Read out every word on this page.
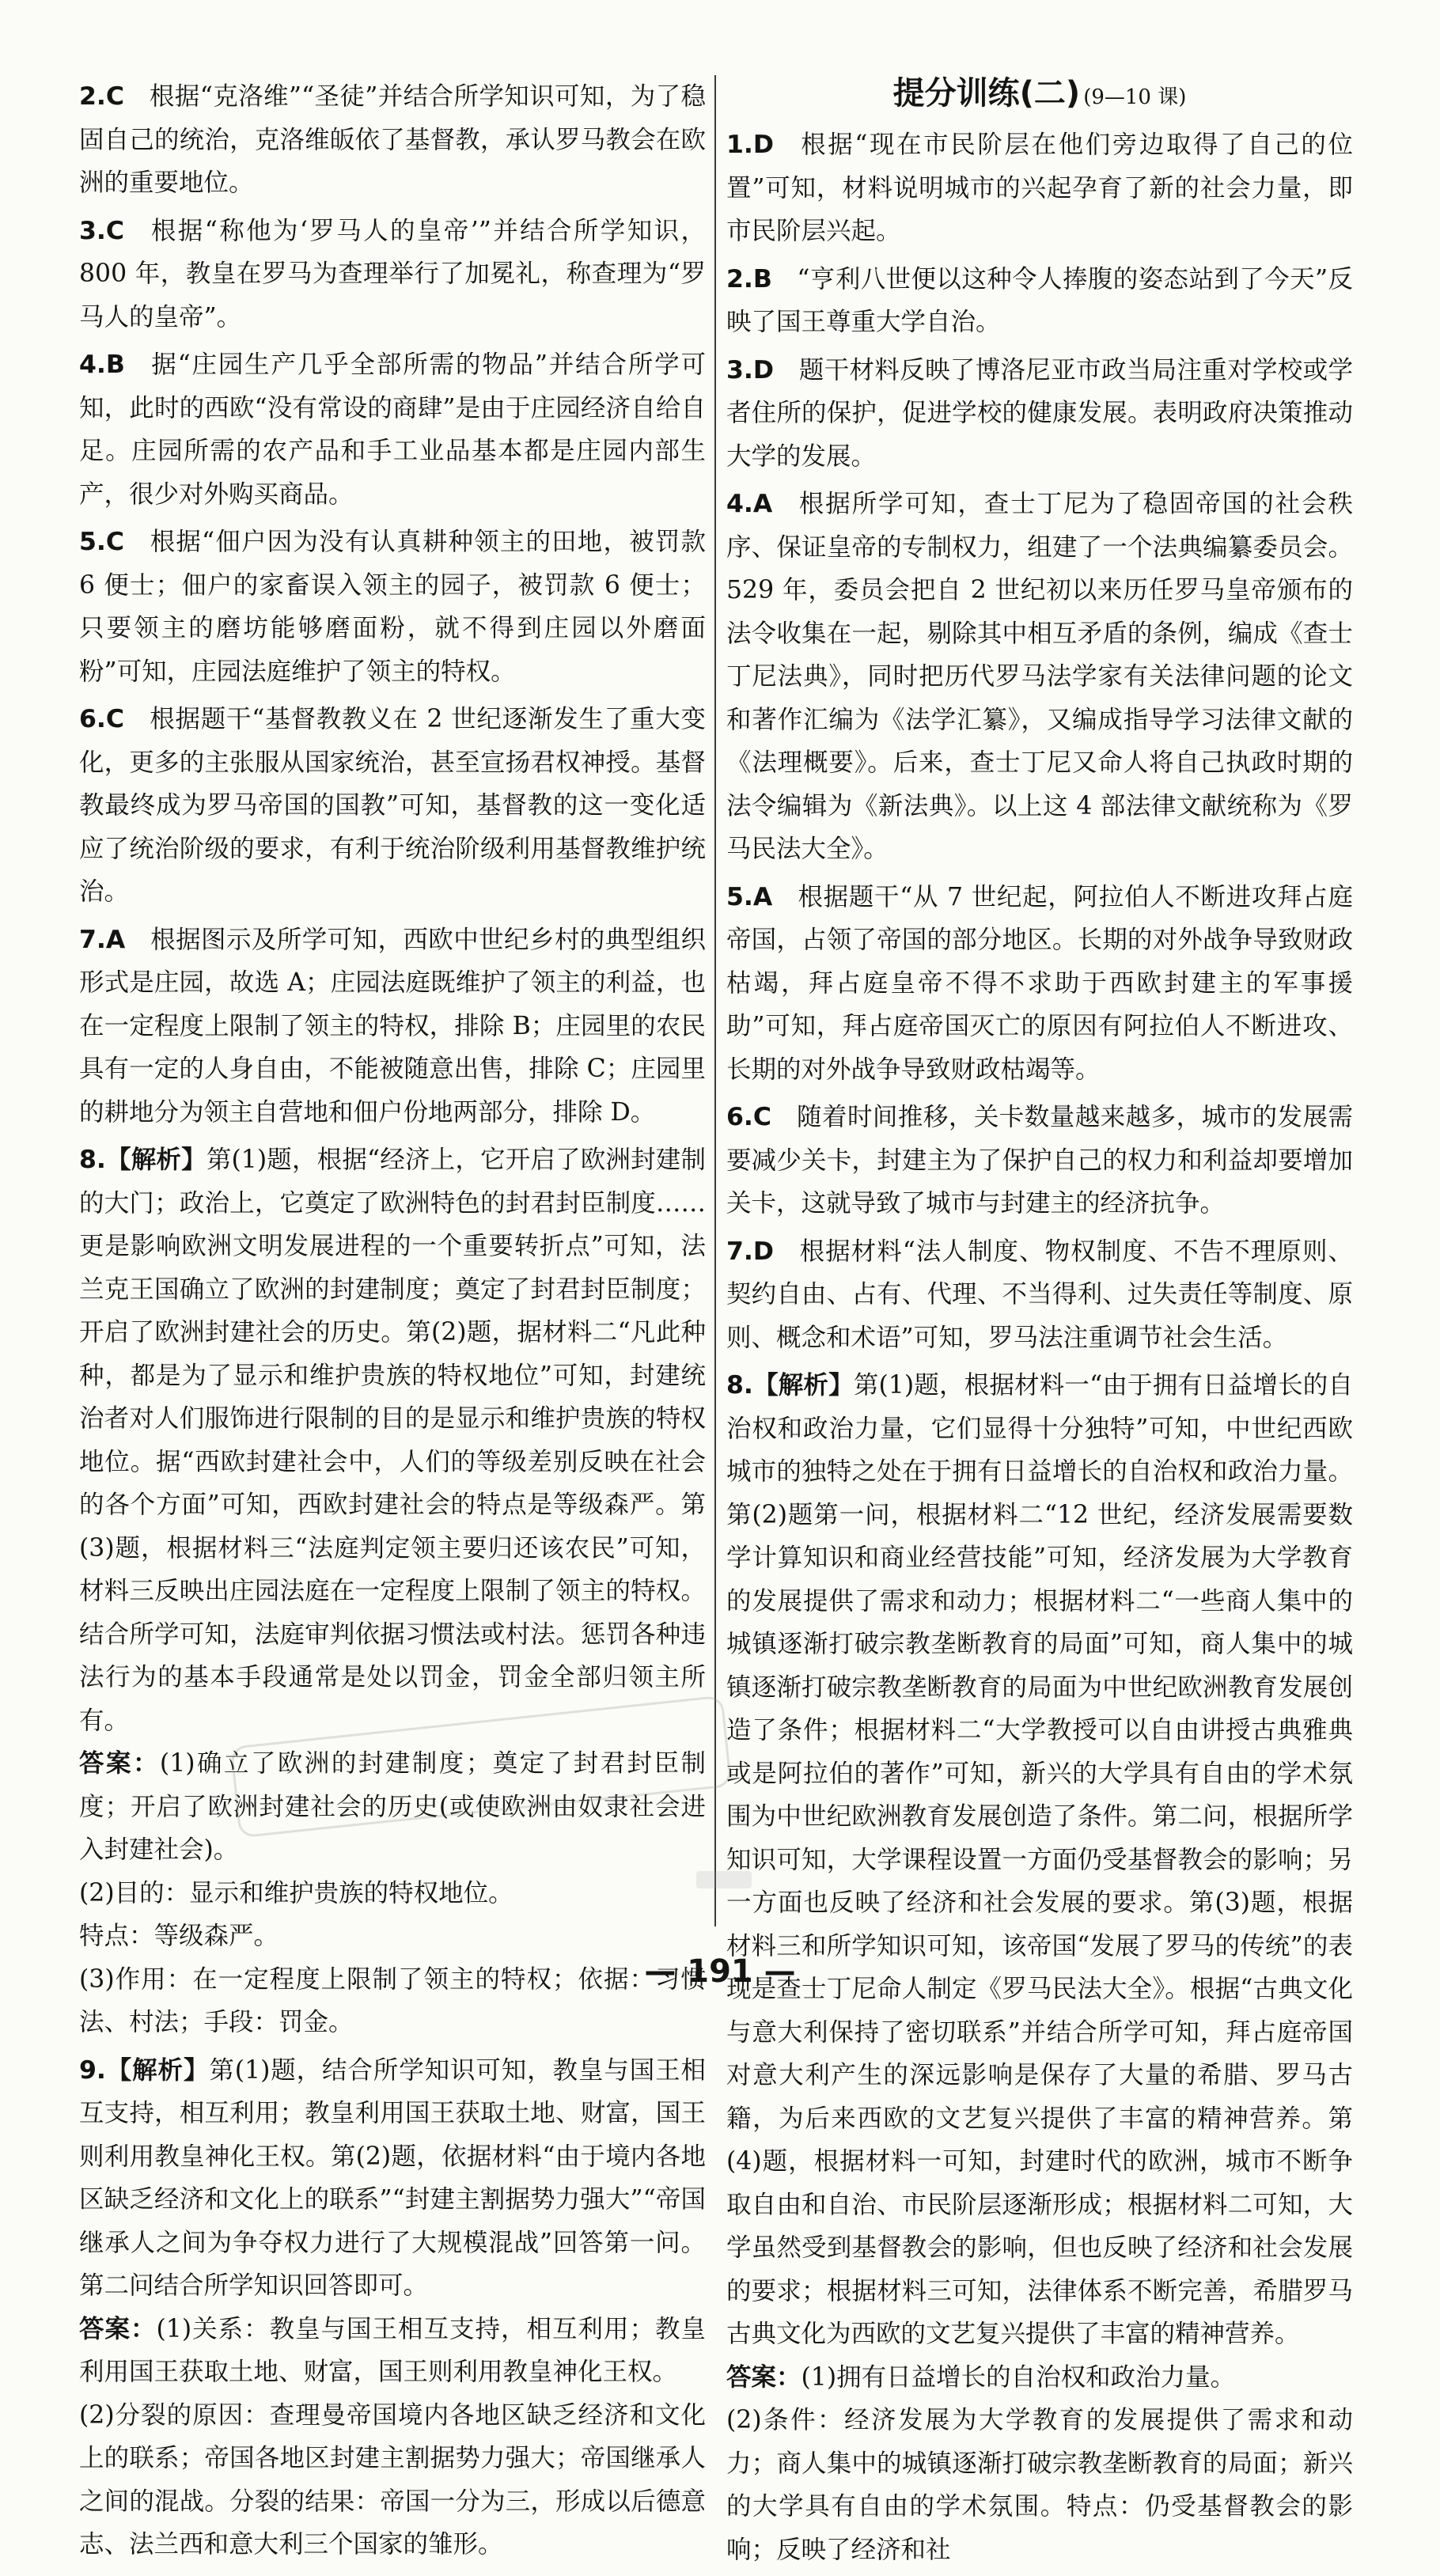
2.C  根据“克洛维”“圣徒”并结合所学知识可知，为了稳固自己的统治，克洛维皈依了基督教，承认罗马教会在欧洲的重要地位。

3.C  根据“称他为‘罗马人的皇帝’”并结合所学知识，800 年，教皇在罗马为查理举行了加冕礼，称查理为“罗马人的皇帝”。

4.B  据“庄园生产几乎全部所需的物品”并结合所学可知，此时的西欧“没有常设的商肆”是由于庄园经济自给自足。庄园所需的农产品和手工业品基本都是庄园内部生产，很少对外购买商品。

5.C  根据“佃户因为没有认真耕种领主的田地，被罚款 6 便士；佃户的家畜误入领主的园子，被罚款 6 便士；只要领主的磨坊能够磨面粉，就不得到庄园以外磨面粉”可知，庄园法庭维护了领主的特权。

6.C  根据题干“基督教教义在 2 世纪逐渐发生了重大变化，更多的主张服从国家统治，甚至宣扬君权神授。基督教最终成为罗马帝国的国教”可知，基督教的这一变化适应了统治阶级的要求，有利于统治阶级利用基督教维护统治。

7.A  根据图示及所学可知，西欧中世纪乡村的典型组织形式是庄园，故选 A；庄园法庭既维护了领主的利益，也在一定程度上限制了领主的特权，排除 B；庄园里的农民具有一定的人身自由，不能被随意出售，排除 C；庄园里的耕地分为领主自营地和佃户份地两部分，排除 D。

8.【解析】第(1)题，根据“经济上，它开启了欧洲封建制的大门；政治上，它奠定了欧洲特色的封君封臣制度……更是影响欧洲文明发展进程的一个重要转折点”可知，法兰克王国确立了欧洲的封建制度；奠定了封君封臣制度；开启了欧洲封建社会的历史。第(2)题，据材料二“凡此种种，都是为了显示和维护贵族的特权地位”可知，封建统治者对人们服饰进行限制的目的是显示和维护贵族的特权地位。据“西欧封建社会中，人们的等级差别反映在社会的各个方面”可知，西欧封建社会的特点是等级森严。第(3)题，根据材料三“法庭判定领主要归还该农民”可知，材料三反映出庄园法庭在一定程度上限制了领主的特权。结合所学可知，法庭审判依据习惯法或村法。惩罚各种违法行为的基本手段通常是处以罚金，罚金全部归领主所有。

答案：(1)确立了欧洲的封建制度；奠定了封君封臣制度；开启了欧洲封建社会的历史(或使欧洲由奴隶社会进入封建社会)。

(2)目的：显示和维护贵族的特权地位。

特点：等级森严。

(3)作用：在一定程度上限制了领主的特权；依据：习惯法、村法；手段：罚金。

9.【解析】第(1)题，结合所学知识可知，教皇与国王相互支持，相互利用；教皇利用国王获取土地、财富，国王则利用教皇神化王权。第(2)题，依据材料“由于境内各地区缺乏经济和文化上的联系”“封建主割据势力强大”“帝国继承人之间为争夺权力进行了大规模混战”回答第一问。第二问结合所学知识回答即可。

答案：(1)关系：教皇与国王相互支持，相互利用；教皇利用国王获取土地、财富，国王则利用教皇神化王权。

(2)分裂的原因：查理曼帝国境内各地区缺乏经济和文化上的联系；帝国各地区封建主割据势力强大；帝国继承人之间的混战。分裂的结果：帝国一分为三，形成以后德意志、法兰西和意大利三个国家的雏形。

提分训练(二) (9—10 课)

1.D  根据“现在市民阶层在他们旁边取得了自己的位置”可知，材料说明城市的兴起孕育了新的社会力量，即市民阶层兴起。

2.B  “亨利八世便以这种令人捧腹的姿态站到了今天”反映了国王尊重大学自治。

3.D  题干材料反映了博洛尼亚市政当局注重对学校或学者住所的保护，促进学校的健康发展。表明政府决策推动大学的发展。

4.A  根据所学可知，查士丁尼为了稳固帝国的社会秩序、保证皇帝的专制权力，组建了一个法典编纂委员会。529 年，委员会把自 2 世纪初以来历任罗马皇帝颁布的法令收集在一起，剔除其中相互矛盾的条例，编成《查士丁尼法典》，同时把历代罗马法学家有关法律问题的论文和著作汇编为《法学汇纂》，又编成指导学习法律文献的《法理概要》。后来，查士丁尼又命人将自己执政时期的法令编辑为《新法典》。以上这 4 部法律文献统称为《罗马民法大全》。

5.A  根据题干“从 7 世纪起，阿拉伯人不断进攻拜占庭帝国，占领了帝国的部分地区。长期的对外战争导致财政枯竭，拜占庭皇帝不得不求助于西欧封建主的军事援助”可知，拜占庭帝国灭亡的原因有阿拉伯人不断进攻、长期的对外战争导致财政枯竭等。

6.C  随着时间推移，关卡数量越来越多，城市的发展需要减少关卡，封建主为了保护自己的权力和利益却要增加关卡，这就导致了城市与封建主的经济抗争。

7.D  根据材料“法人制度、物权制度、不告不理原则、契约自由、占有、代理、不当得利、过失责任等制度、原则、概念和术语”可知，罗马法注重调节社会生活。

8.【解析】第(1)题，根据材料一“由于拥有日益增长的自治权和政治力量，它们显得十分独特”可知，中世纪西欧城市的独特之处在于拥有日益增长的自治权和政治力量。第(2)题第一问，根据材料二“12 世纪，经济发展需要数学计算知识和商业经营技能”可知，经济发展为大学教育的发展提供了需求和动力；根据材料二“一些商人集中的城镇逐渐打破宗教垄断教育的局面”可知，商人集中的城镇逐渐打破宗教垄断教育的局面为中世纪欧洲教育发展创造了条件；根据材料二“大学教授可以自由讲授古典雅典或是阿拉伯的著作”可知，新兴的大学具有自由的学术氛围为中世纪欧洲教育发展创造了条件。第二问，根据所学知识可知，大学课程设置一方面仍受基督教会的影响；另一方面也反映了经济和社会发展的要求。第(3)题，根据材料三和所学知识可知，该帝国“发展了罗马的传统”的表现是查士丁尼命人制定《罗马民法大全》。根据“古典文化与意大利保持了密切联系”并结合所学可知，拜占庭帝国对意大利产生的深远影响是保存了大量的希腊、罗马古籍，为后来西欧的文艺复兴提供了丰富的精神营养。第(4)题，根据材料一可知，封建时代的欧洲，城市不断争取自由和自治、市民阶层逐渐形成；根据材料二可知，大学虽然受到基督教会的影响，但也反映了经济和社会发展的要求；根据材料三可知，法律体系不断完善，希腊罗马古典文化为西欧的文艺复兴提供了丰富的精神营养。

答案：(1)拥有日益增长的自治权和政治力量。

(2)条件：经济发展为大学教育的发展提供了需求和动力；商人集中的城镇逐渐打破宗教垄断教育的局面；新兴的大学具有自由的学术氛围。特点：仍受基督教会的影响；反映了经济和社

— 191 —
